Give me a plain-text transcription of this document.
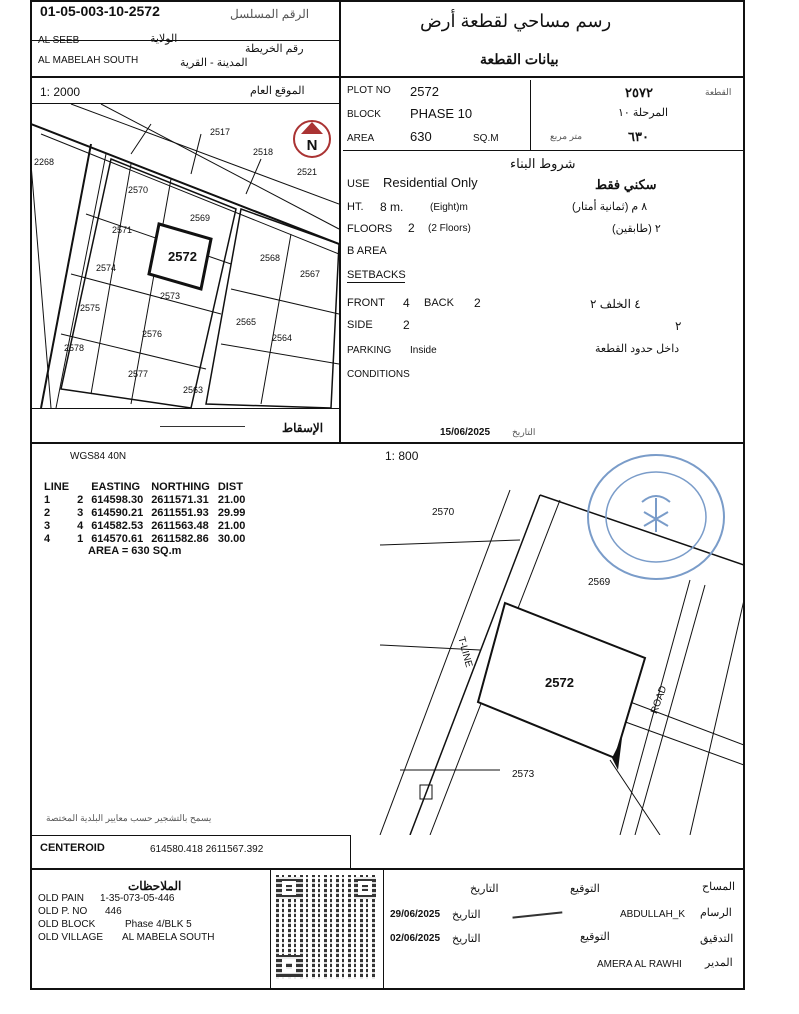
01-05-003-10-2572	الرقم المسلسل	رسم مساحي لقطعة أرض
AL SEEB	الولاية
رقم الخريطة
AL MABELAH SOUTH	المدينة - القرية	بيانات القطعة
1: 2000	الموقع العام
N
2517
2518
2521
2268
2570
2569
2571
2572	2568
2567
2574
2573
2575
2565
2564
2576
2578
2577
2563
الإسقاط
PLOT NO 2572	٢٥٧٢	القطعة
BLOCK PHASE 10	المرحلة ١٠
AREA	630	SQ.M	متر مربع	٦٣٠
شروط البناء
USE Residential Only	سكني فقط
HT. 8 m.	(Eight)m	٨ م (ثمانية أمتار)
FLOORS 2 (2 Floors)	٢ (طابقين)
B AREA
SETBACKS
FRONT 4 BACK 2	٤ الخلف ٢
SIDE	2	٢
PARKING Inside	داخل حدود القطعة
CONDITIONS
التاريخ
15/06/2025
WGS84 40N	1: 800
LINE		EASTING	NORTHING	DIST
1	2	614598.30	2611571.31	21.00
2	3	614590.21	2611551.93	29.99
3	4	614582.53	2611563.48	21.00
4	1	614570.61	2611582.86	30.00
AREA = 630 SQ.m
2572
2570
2569
2573
T-LINE
ROAD
يسمح بالتشجير حسب معايير البلدية المختصة
CENTEROID	614580.418 2611567.392
الملاحظات
OLD PAIN 1-35-073-05-446
OLD P. NO 446
OLD BLOCK	Phase 4/BLK 5
OLD VILLAGE AL MABELA SOUTH
المساح
الرسام
ABDULLAH_K
التدقيق
المدير
AMERA AL RAWHI
التوقيع
التوقيع
التاريخ
التاريخ
29/06/2025
التاريخ
02/06/2025
